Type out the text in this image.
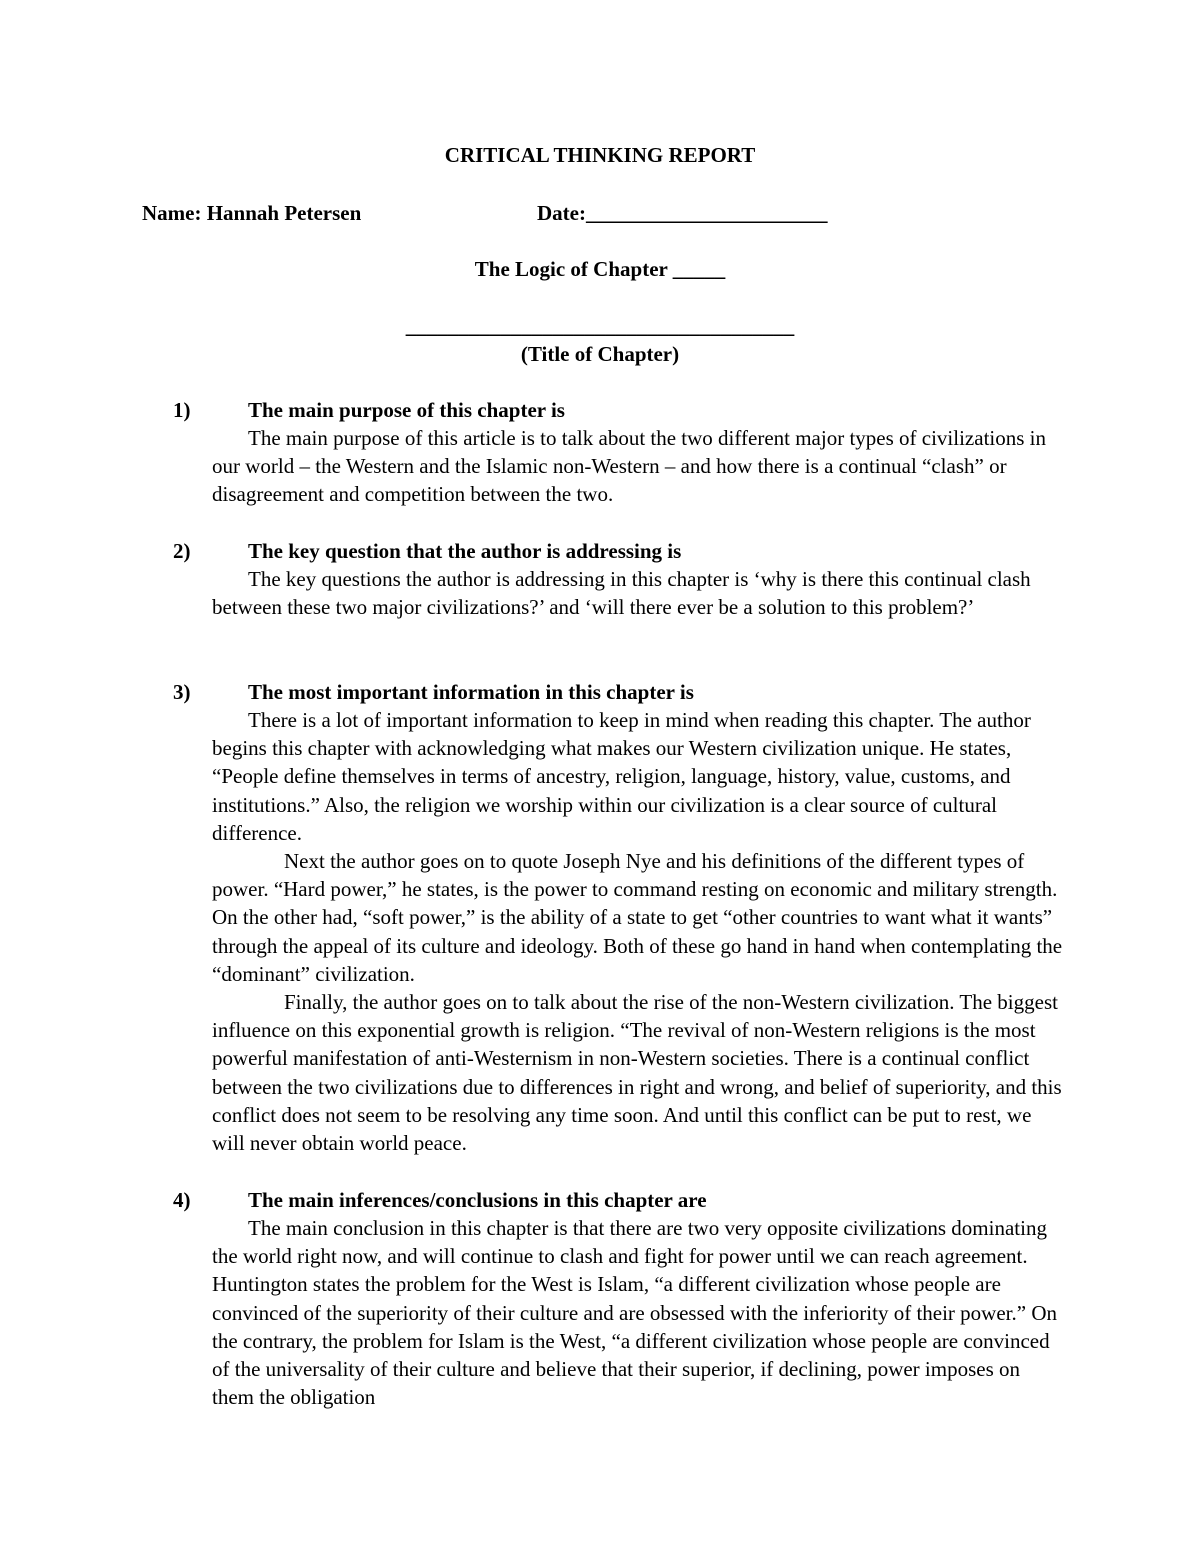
CRITICAL THINKING REPORT
Name: Hannah Petersen	Date:_______________________
The Logic of Chapter _____
_____________________________________
(Title of Chapter)
1)	The main purpose of this chapter is

The main purpose of this article is to talk about the two different major types of civilizations in our world – the Western and the Islamic non-Western – and how there is a continual “clash” or disagreement and competition between the two.

2)	The key question that the author is addressing is

The key questions the author is addressing in this chapter is ‘why is there this continual clash between these two major civilizations?’ and ‘will there ever be a solution to this problem?’

3)	The most important information in this chapter is

There is a lot of important information to keep in mind when reading this chapter. The author begins this chapter with acknowledging what makes our Western civilization unique. He states, “People define themselves in terms of ancestry, religion, language, history, value, customs, and institutions.” Also, the religion we worship within our civilization is a clear source of cultural difference.

Next the author goes on to quote Joseph Nye and his definitions of the different types of power. “Hard power,” he states, is the power to command resting on economic and military strength. On the other had, “soft power,” is the ability of a state to get “other countries to want what it wants” through the appeal of its culture and ideology. Both of these go hand in hand when contemplating the “dominant” civilization.

Finally, the author goes on to talk about the rise of the non-Western civilization. The biggest influence on this exponential growth is religion. “The revival of non-Western religions is the most powerful manifestation of anti-Westernism in non-Western societies. There is a continual conflict between the two civilizations due to differences in right and wrong, and belief of superiority, and this conflict does not seem to be resolving any time soon. And until this conflict can be put to rest, we will never obtain world peace.

4)	The main inferences/conclusions in this chapter are

The main conclusion in this chapter is that there are two very opposite civilizations dominating the world right now, and will continue to clash and fight for power until we can reach agreement. Huntington states the problem for the West is Islam, “a different civilization whose people are convinced of the superiority of their culture and are obsessed with the inferiority of their power.” On the contrary, the problem for Islam is the West, “a different civilization whose people are convinced of the universality of their culture and believe that their superior, if declining, power imposes on them the obligation
